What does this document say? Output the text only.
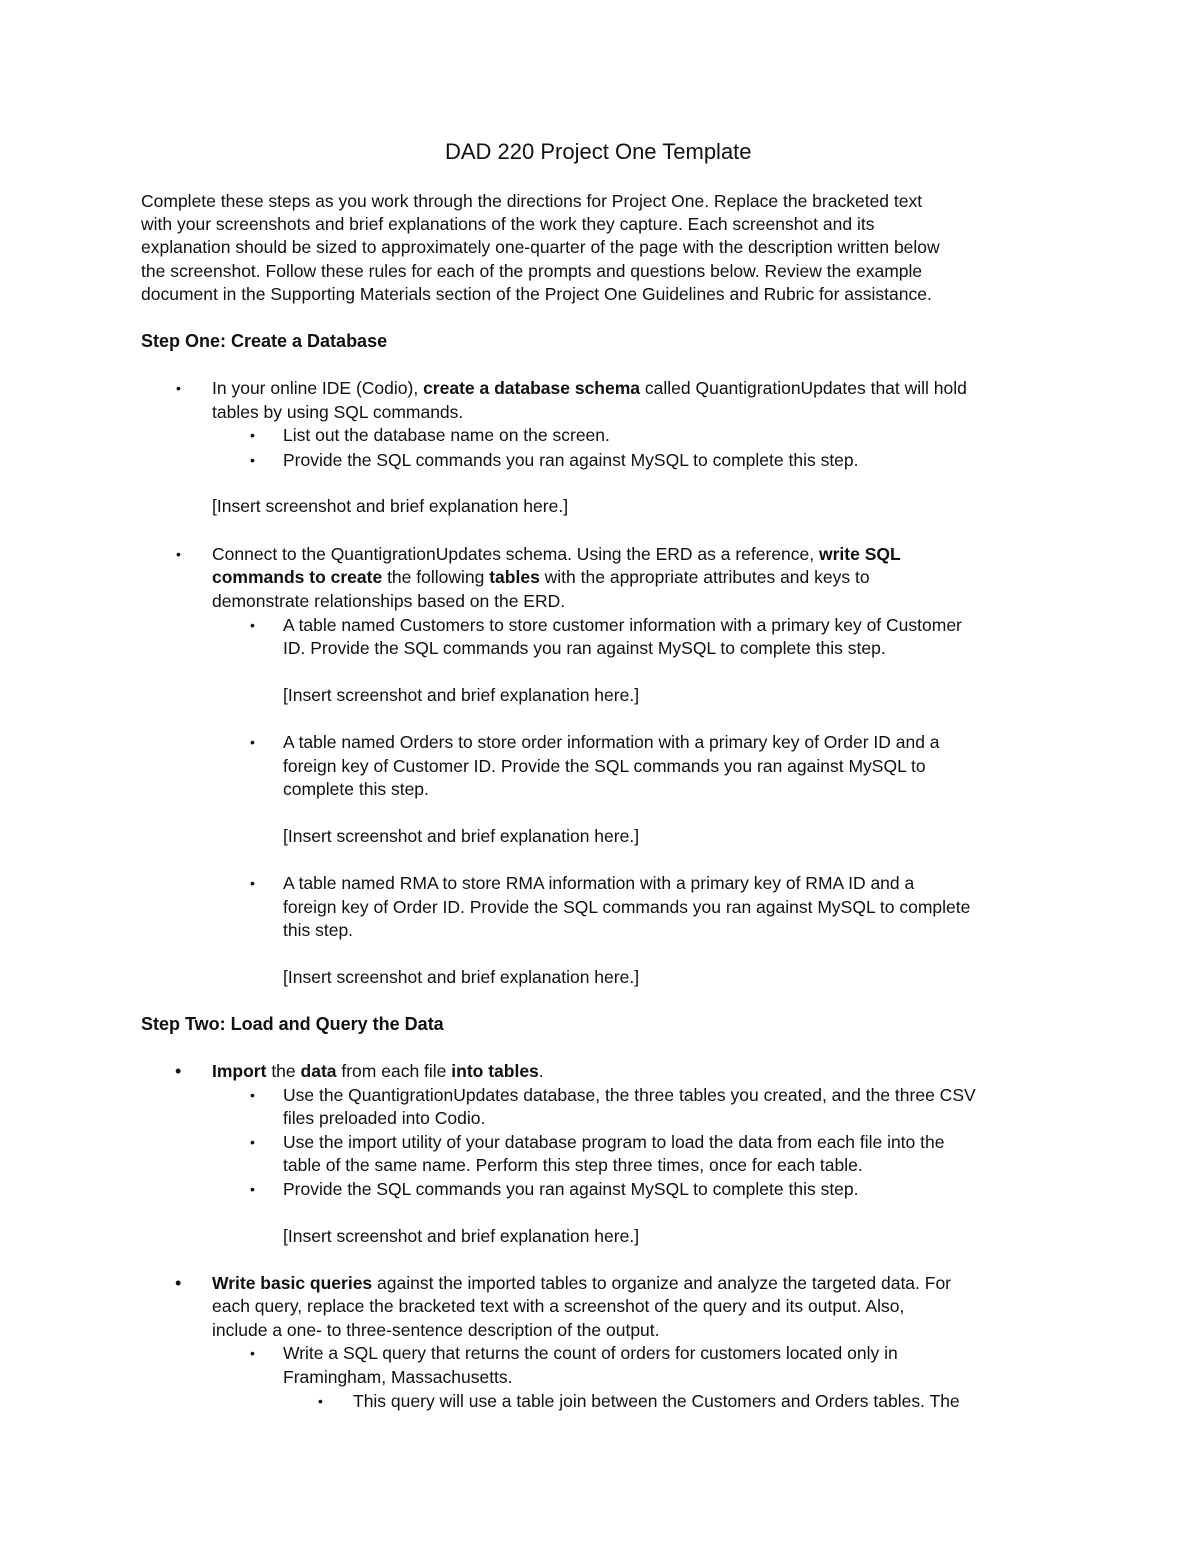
DAD 220 Project One Template
Complete these steps as you work through the directions for Project One. Replace the bracketed text
with your screenshots and brief explanations of the work they capture. Each screenshot and its
explanation should be sized to approximately one-quarter of the page with the description written below
the screenshot. Follow these rules for each of the prompts and questions below. Review the example
document in the Supporting Materials section of the Project One Guidelines and Rubric for assistance.
Step One: Create a Database
• In your online IDE (Codio), create a database schema called QuantigrationUpdates that will hold
tables by using SQL commands.
• List out the database name on the screen.
• Provide the SQL commands you ran against MySQL to complete this step.
[Insert screenshot and brief explanation here.]
• Connect to the QuantigrationUpdates schema. Using the ERD as a reference, write SQL
commands to create the following tables with the appropriate attributes and keys to
demonstrate relationships based on the ERD.
• A table named Customers to store customer information with a primary key of Customer
ID. Provide the SQL commands you ran against MySQL to complete this step.
[Insert screenshot and brief explanation here.]
• A table named Orders to store order information with a primary key of Order ID and a
foreign key of Customer ID. Provide the SQL commands you ran against MySQL to
complete this step.
[Insert screenshot and brief explanation here.]
• A table named RMA to store RMA information with a primary key of RMA ID and a
foreign key of Order ID. Provide the SQL commands you ran against MySQL to complete
this step.
[Insert screenshot and brief explanation here.]
Step Two: Load and Query the Data
• Import the data from each file into tables.
• Use the QuantigrationUpdates database, the three tables you created, and the three CSV
files preloaded into Codio.
• Use the import utility of your database program to load the data from each file into the
table of the same name. Perform this step three times, once for each table.
• Provide the SQL commands you ran against MySQL to complete this step.
[Insert screenshot and brief explanation here.]
• Write basic queries against the imported tables to organize and analyze the targeted data. For
each query, replace the bracketed text with a screenshot of the query and its output. Also,
include a one- to three-sentence description of the output.
• Write a SQL query that returns the count of orders for customers located only in
Framingham, Massachusetts.
• This query will use a table join between the Customers and Orders tables. The
